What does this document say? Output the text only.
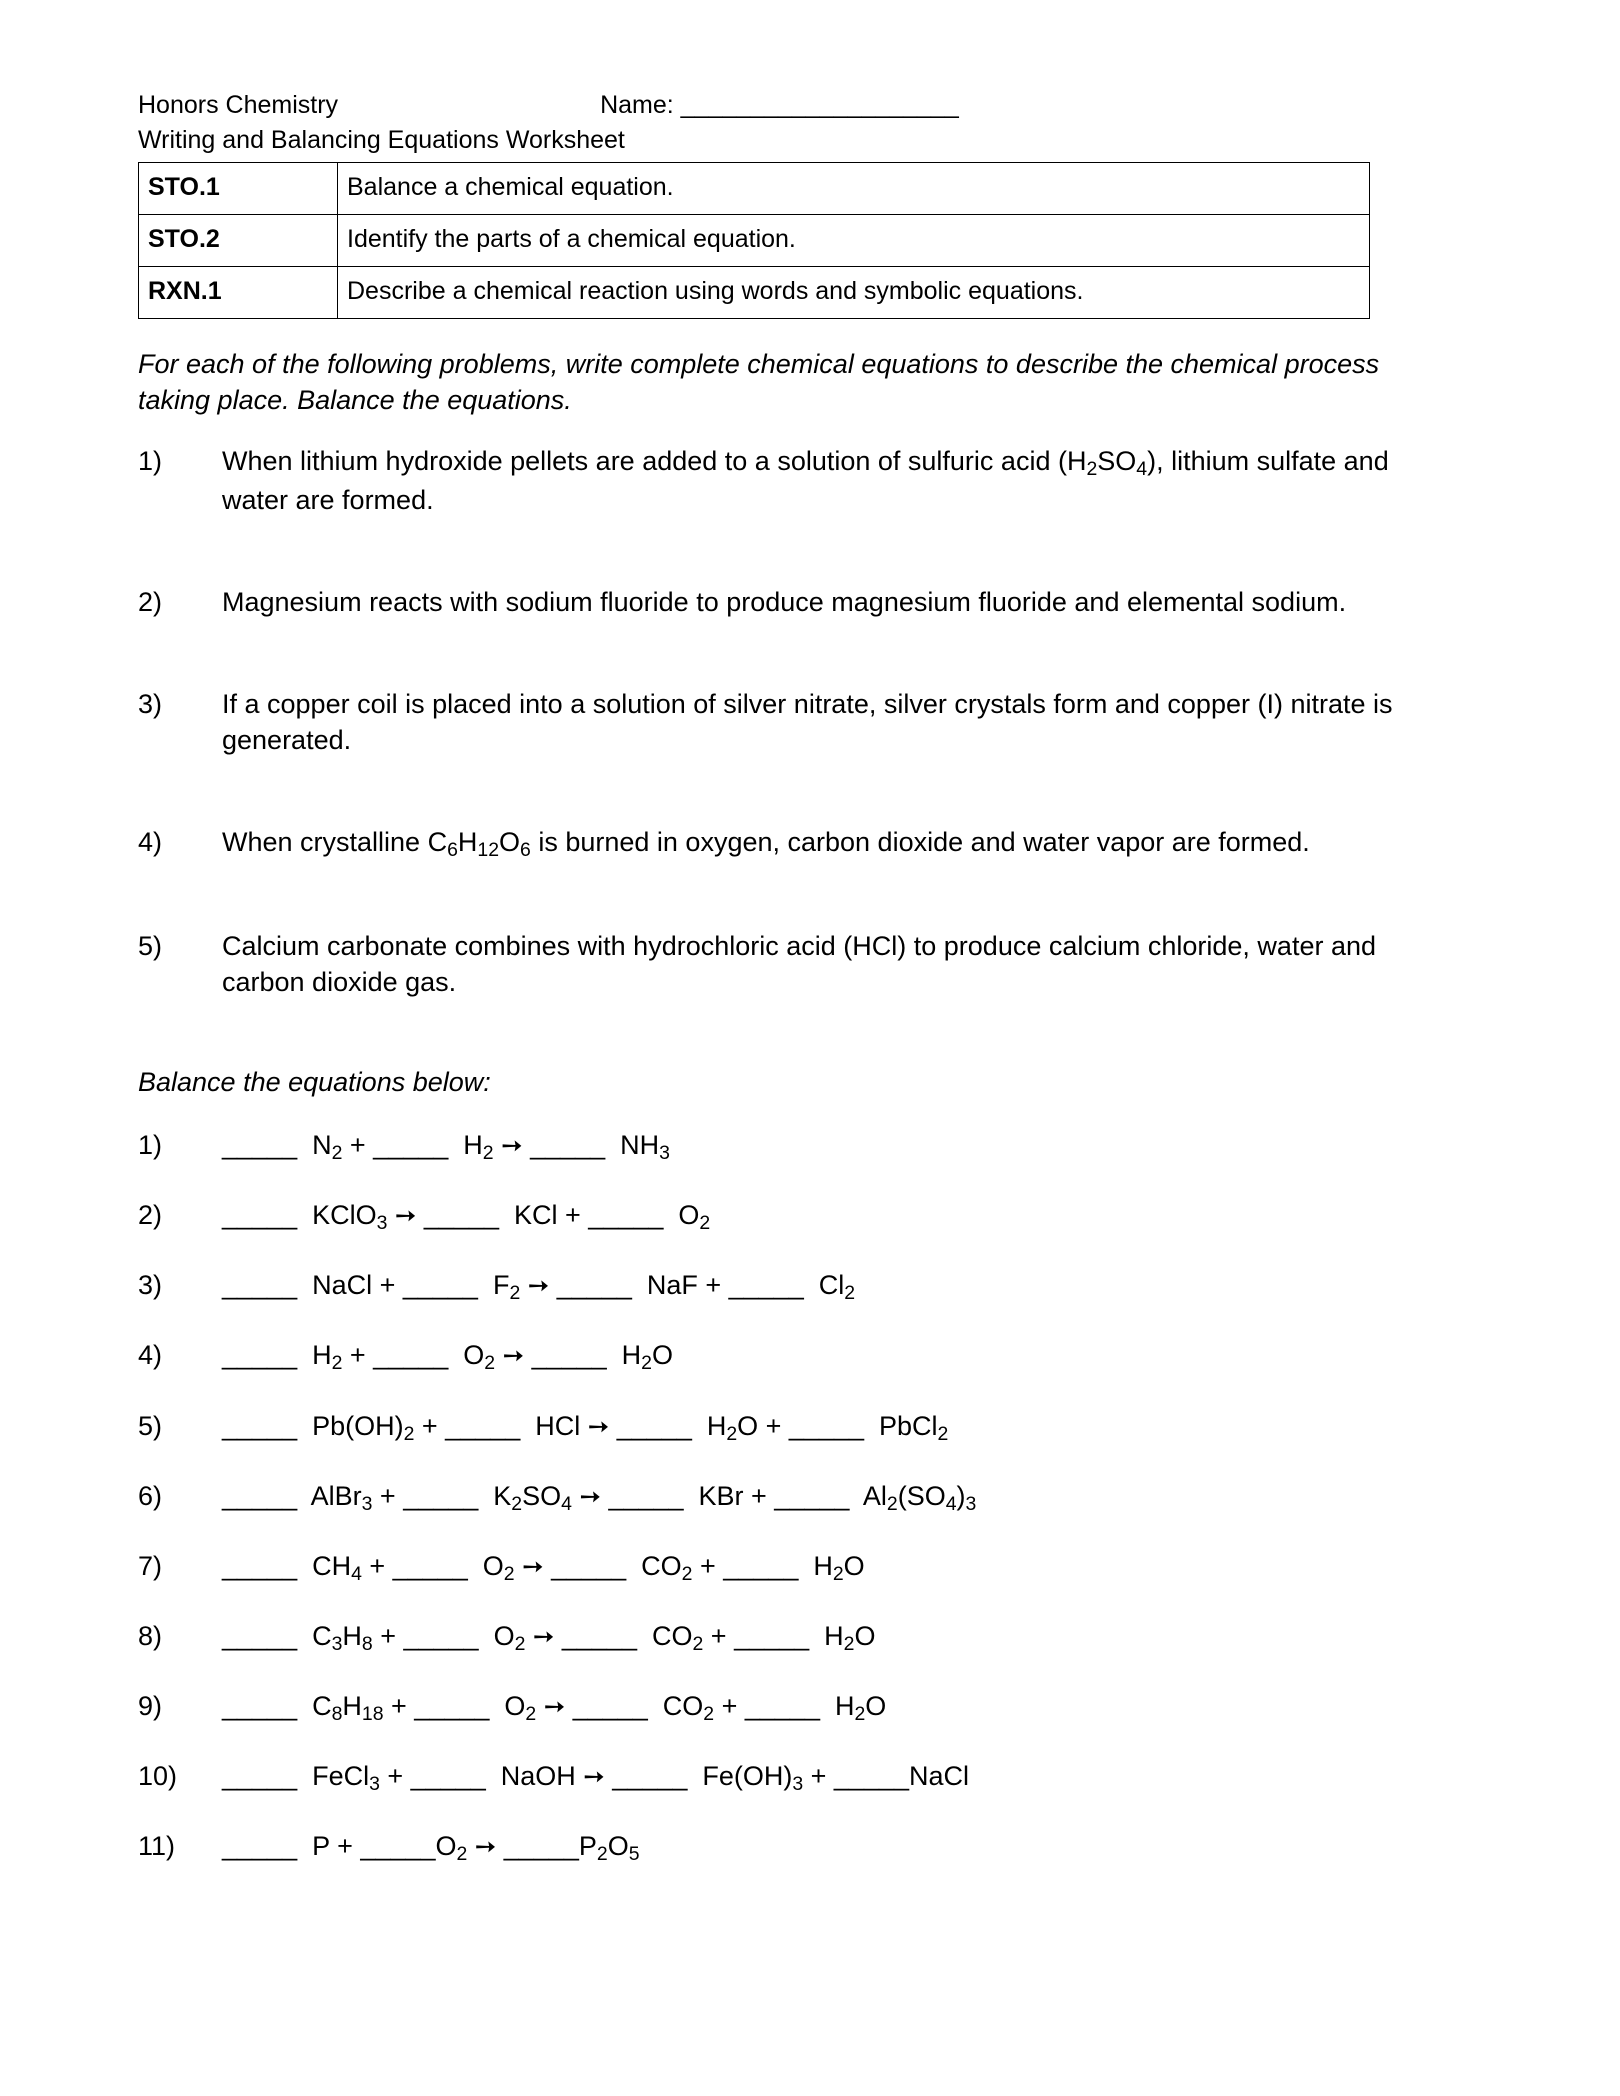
Honors Chemistry	Name: ____________________
Writing and Balancing Equations Worksheet
STO.1	Balance a chemical equation.
STO.2	Identify the parts of a chemical equation.
RXN.1	Describe a chemical reaction using words and symbolic equations.
For each of the following problems, write complete chemical equations to describe the chemical process taking place. Balance the equations.
1)	When lithium hydroxide pellets are added to a solution of sulfuric acid $(H_2SO_4)$, lithium sulfate and water are formed.
2)	Magnesium reacts with sodium fluoride to produce magnesium fluoride and elemental sodium.
3)	If a copper coil is placed into a solution of silver nitrate, silver crystals form and copper (I) nitrate is generated.
4)	When crystalline $C_6H_{12}O_6$ is burned in oxygen, carbon dioxide and water vapor are formed.
5)	Calcium carbonate combines with hydrochloric acid (HCl) to produce calcium chloride, water and carbon dioxide gas.
Balance the equations below:
1)	_____  $N_2$ + _____  $H_2$ ➙ _____  $NH_3$
2)	_____  KClO$_3$ ➙ _____  KCl + _____  $O_2$
3)	_____  NaCl + _____  $F_2$ ➙ _____  NaF + _____  $Cl_2$
4)	_____  $H_2$ + _____  $O_2$ ➙ _____  $H_2O$
5)	_____  $Pb(OH)_2$ + _____  HCl ➙ _____  $H_2O$ + _____  PbCl$_2$
6)	_____  AlBr$_3$ + _____  $K_2SO_4$ ➙ _____  KBr + _____  $Al_2(SO_4)_3$
7)	_____  $CH_4$ + _____  $O_2$ ➙ _____  $CO_2$ + _____  $H_2O$
8)	_____  $C_3H_8$ + _____  $O_2$ ➙ _____  $CO_2$ + _____  $H_2O$
9)	_____  $C_8H_{18}$ + _____  $O_2$ ➙ _____  $CO_2$ + _____  $H_2O$
10)	_____  FeCl$_3$ + _____  NaOH ➙ _____  $Fe(OH)_3$ + _____NaCl
11)	_____  $P + \_\_\_\_\_O_2$ ➙ $\_\_\_\_\_P_2O_5$
